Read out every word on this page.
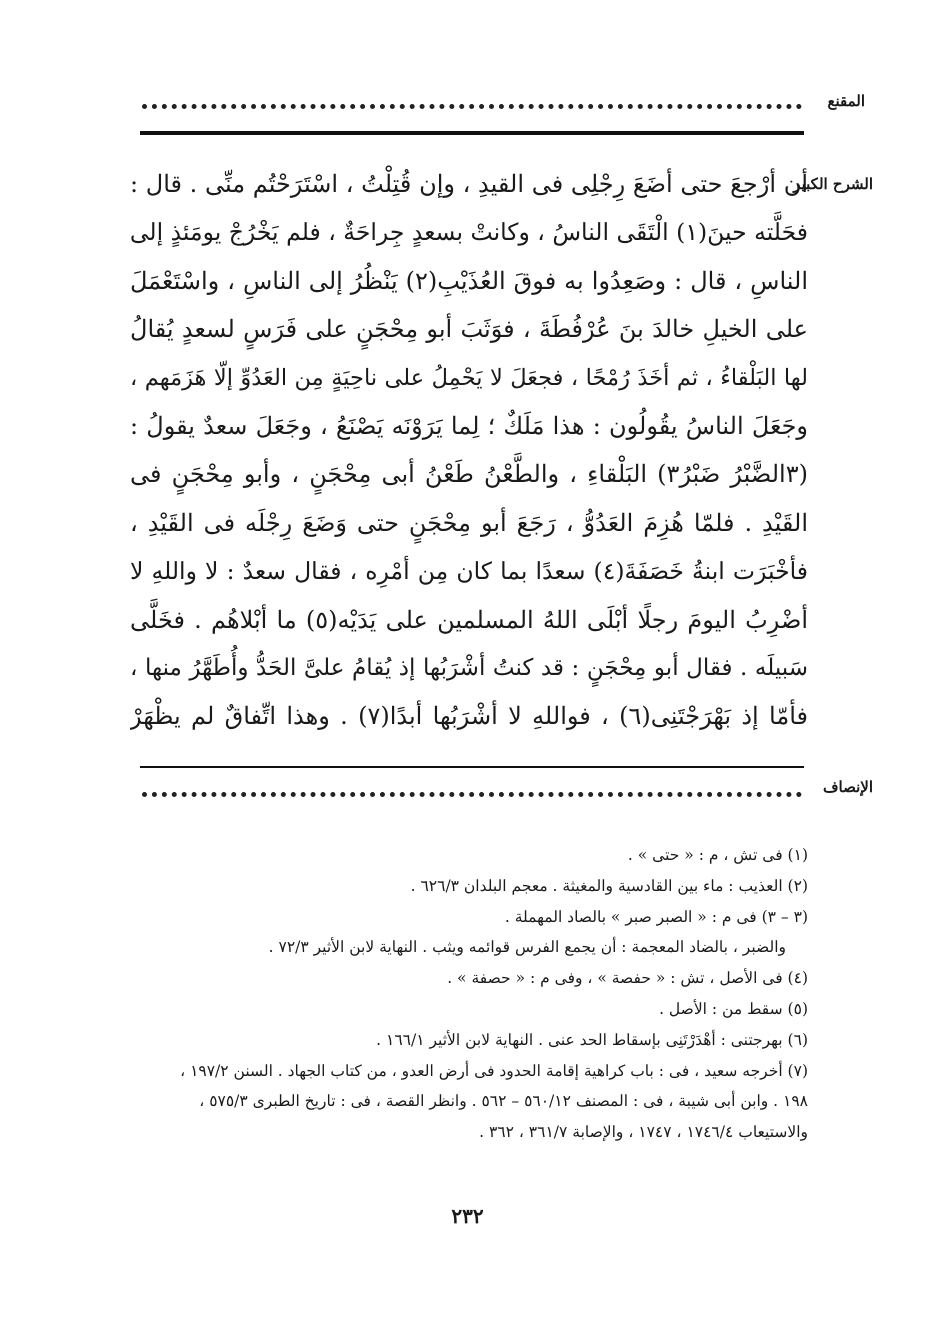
المقنع
الشرح الكبير
أن أرْجعَ حتى أضَعَ رِجْلِى فى القيدِ ، وإن قُتِلْتُ ، اسْتَرَحْتُم منِّى . قال :
فحَلَّته حينَ(١) الْتَقَى الناسُ ، وكانتْ بسعدٍ جِراحَةٌ ، فلم يَخْرُجْ يومَئذٍ إلى
الناسِ ، قال : وصَعِدُوا به فوقَ العُذَيْبِ(٢) يَنْظُرُ إلى الناسِ ، واسْتَعْمَلَ
على الخيلِ خالدَ بنَ عُرْفُطَةَ ، فوَثَبَ أبو مِحْجَنٍ على فَرَسٍ لسعدٍ يُقالُ
لها البَلْقاءُ ، ثم أخَذَ رُمْحًا ، فجعَلَ لا يَحْمِلُ على ناحِيَةٍ مِن العَدُوِّ إلّا هَزَمَهم ،
وجَعَلَ الناسُ يقُولُون : هذا مَلَكٌ ؛ لِما يَرَوْنَه يَصْنَعُ ، وجَعَلَ سعدٌ يقولُ :
(٣الضَّبْرُ ضَبْرُ٣) البَلْقاءِ ، والطَّعْنُ طَعْنُ أبى مِحْجَنٍ ، وأبو مِحْجَنٍ فى
القَيْدِ . فلمّا هُزِمَ العَدُوُّ ، رَجَعَ أبو مِحْجَنٍ حتى وَضَعَ رِجْلَه فى القَيْدِ ،
فأخْبَرَت ابنةُ خَصَفَةَ(٤) سعدًا بما كان مِن أمْرِه ، فقال سعدٌ : لا واللهِ لا
أضْرِبُ اليومَ رجلًا أبْلَى اللهُ المسلمين على يَدَيْه(٥) ما أبْلاهُم . فخَلَّى
سَبيلَه . فقال أبو مِحْجَنٍ : قد كنتُ أشْرَبُها إذ يُقامُ علىَّ الحَدُّ وأُطَهَّرُ منها ،
فأمّا إذ بَهْرَجْتَنِى(٦) ، فواللهِ لا أشْرَبُها أبدًا(٧) . وهذا اتِّفاقٌ لم يظْهَرْ
الإنصاف
(١) فى تش ، م : « حتى » .
(٢) العذيب : ماء بين القادسية والمغيثة . معجم البلدان ٦٢٦/٣ .
(٣ – ٣) فى م : « الصبر صبر » بالصاد المهملة .
والضبر ، بالضاد المعجمة : أن يجمع الفرس قوائمه ويثب . النهاية لابن الأثير ٧٢/٣ .
(٤) فى الأصل ، تش : « حفصة » ، وفى م : « حصفة » .
(٥) سقط من : الأصل .
(٦) بهرجتنى : أهْدَرْتَنِى بإسقاط الحد عنى . النهاية لابن الأثير ١٦٦/١ .
(٧) أخرجه سعيد ، فى : باب كراهية إقامة الحدود فى أرض العدو ، من كتاب الجهاد . السنن ١٩٧/٢ ،
١٩٨ . وابن أبى شيبة ، فى : المصنف ٥٦٠/١٢ – ٥٦٢ . وانظر القصة ، فى : تاريخ الطبرى ٥٧٥/٣ ،
والاستيعاب ١٧٤٦/٤ ، ١٧٤٧ ، والإصابة ٣٦١/٧ ، ٣٦٢ .
٢٣٢
